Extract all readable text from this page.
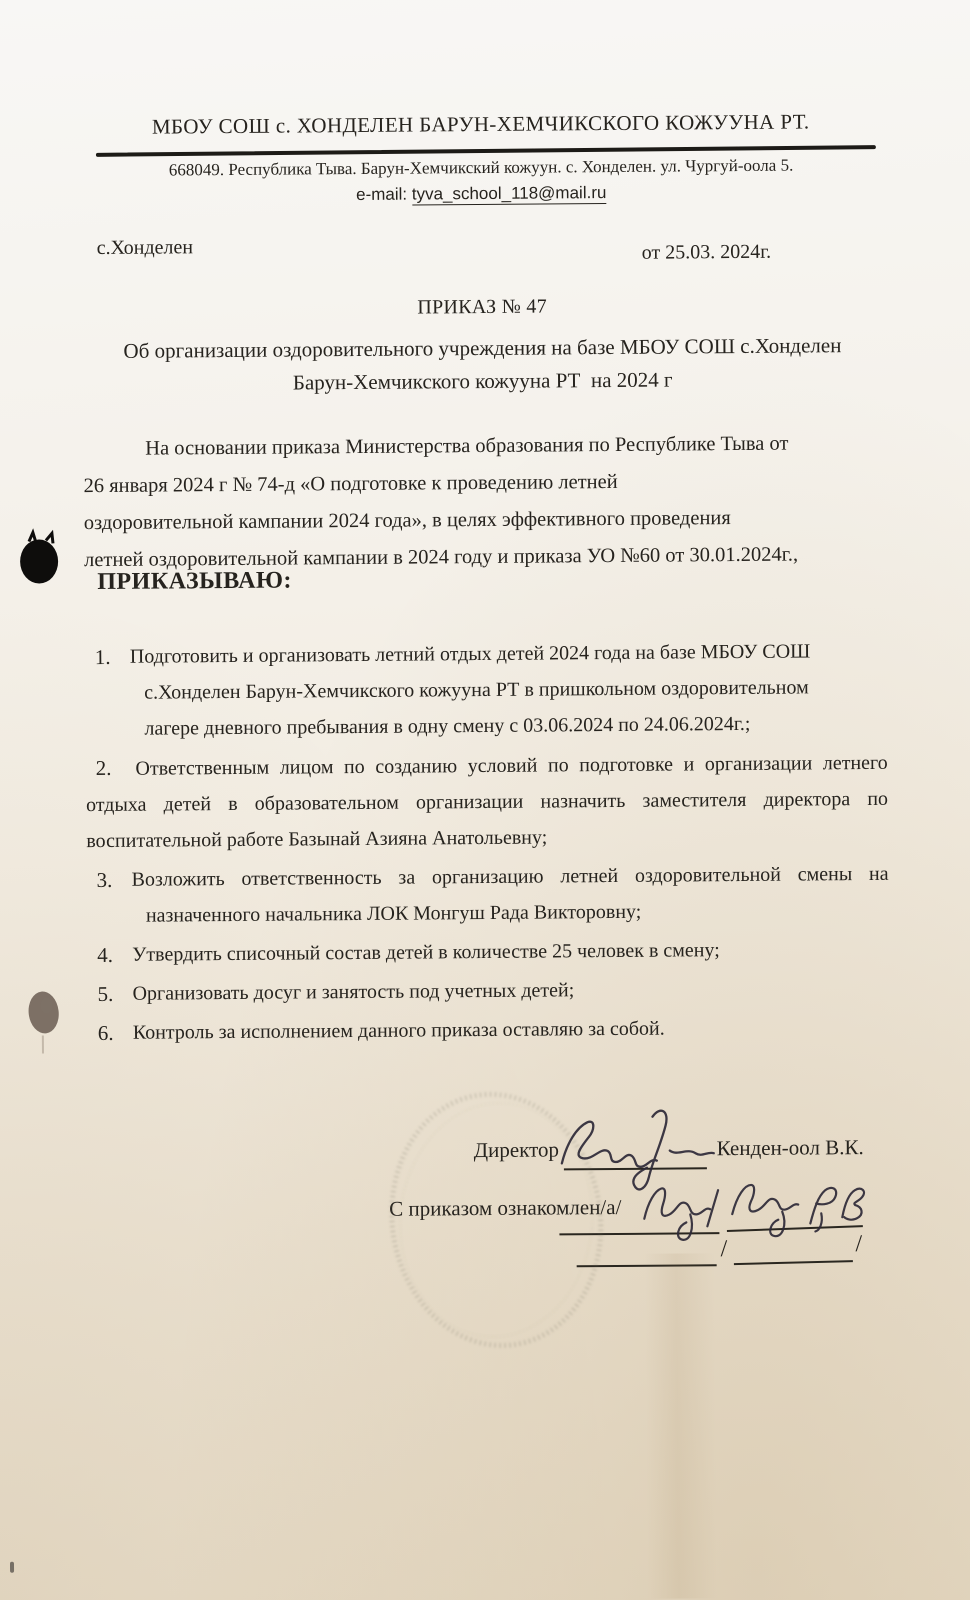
МБОУ СОШ с. ХОНДЕЛЕН БАРУН-ХЕМЧИКСКОГО КОЖУУНА РТ.
668049. Республика Тыва. Барун-Хемчикский кожуун. с. Хонделен. ул. Чургуй-оола 5.
e-mail: tyva_school_118@mail.ru
с.Хонделен	от 25.03. 2024г.
ПРИКАЗ № 47
Об организации оздоровительного учреждения на базе МБОУ СОШ с.Хонделен
Барун-Хемчикского кожууна РТ  на 2024 г
На основании приказа Министерства образования по Республике Тыва от
26 января 2024 г № 74-д «О подготовке к проведению летней
оздоровительной кампании 2024 года», в целях эффективного проведения
летней оздоровительной кампании в 2024 году и приказа УО №60 от 30.01.2024г.,
ПРИКАЗЫВАЮ:
1. Подготовить и организовать летний отдых детей 2024 года на базе МБОУ СОШ
с.Хонделен Барун-Хемчикского кожууна РТ в пришкольном оздоровительном
лагере дневного пребывания в одну смену с 03.06.2024 по 24.06.2024г.;
2. Ответственным лицом по созданию условий по подготовке и организации летнего
отдыха детей в образовательном организации назначить заместителя директора по
воспитательной работе Базынай Азияна Анатольевну;
3. Возложить ответственность за организацию летней оздоровительной смены на
назначенного начальника ЛОК Монгуш Рада Викторовну;
4. Утвердить списочный состав детей в количестве 25 человек в смену;
5. Организовать досуг и занятость под учетных детей;
6. Контроль за исполнением данного приказа оставляю за собой.
Директор	Кенден-оол В.К.
С приказом ознакомлен/а/
/	/
